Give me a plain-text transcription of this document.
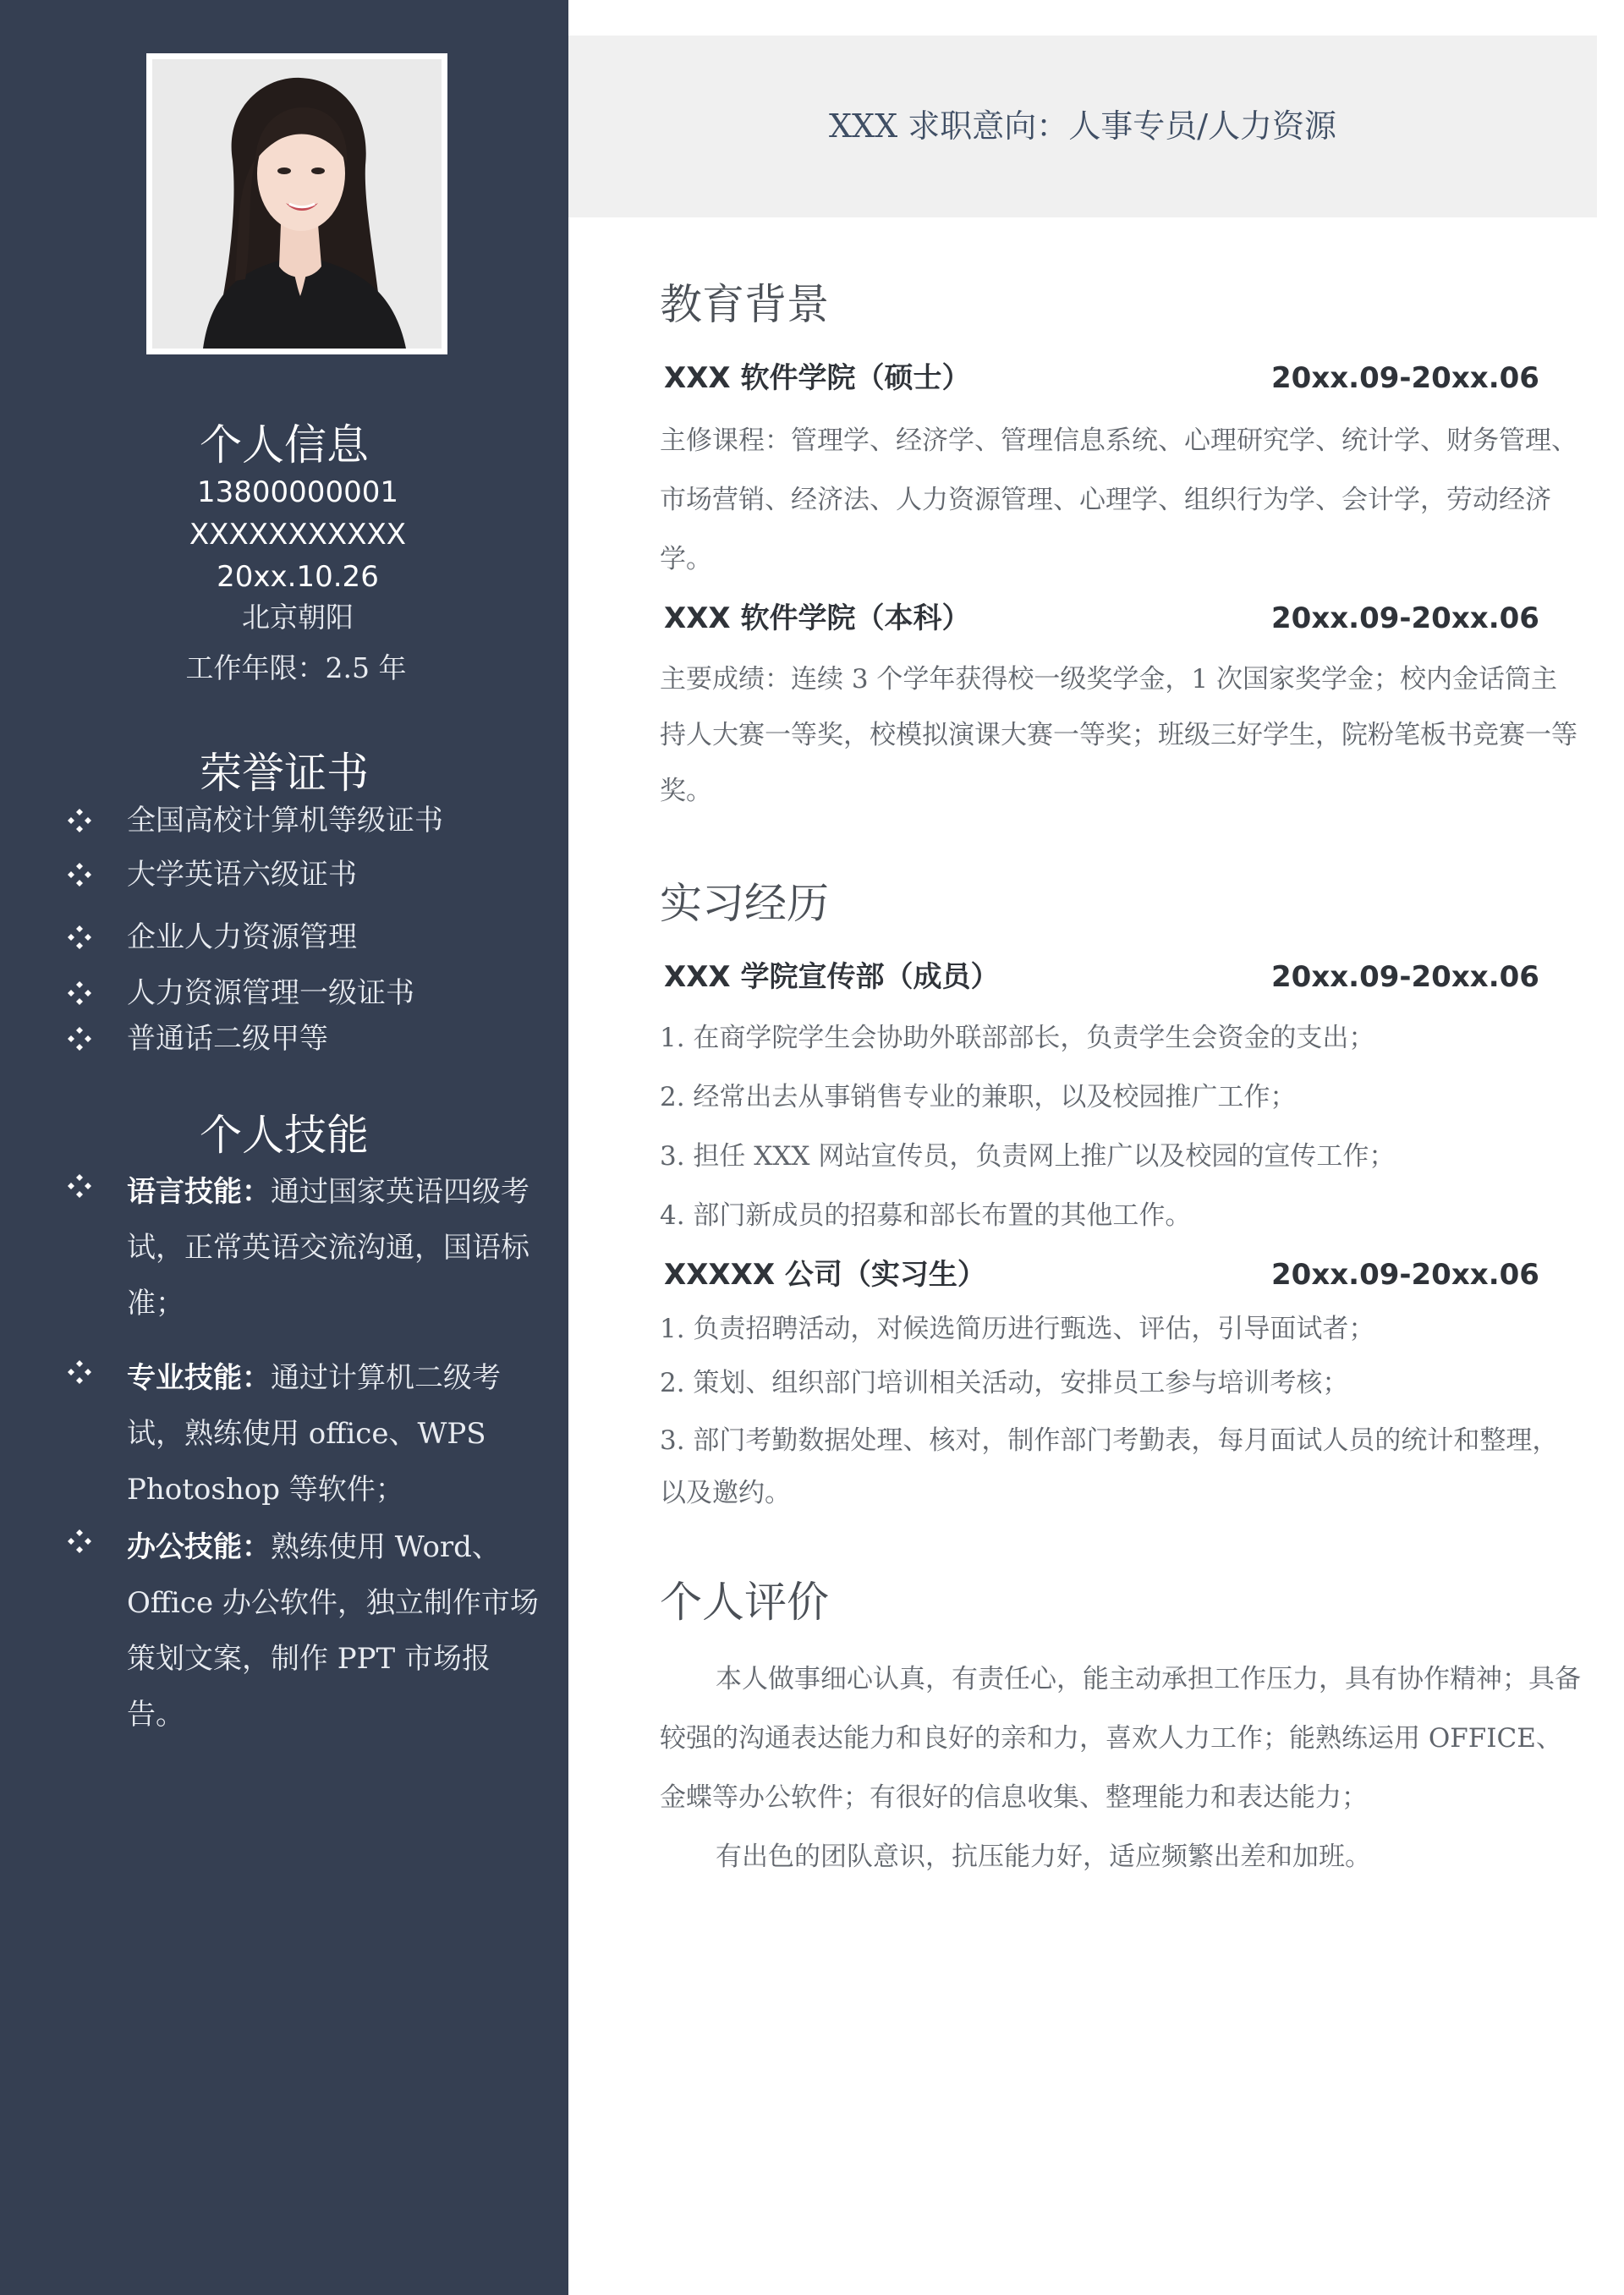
个人信息
13800000001
XXXXXXXXXXX
20xx.10.26
北京朝阳
工作年限：2.5 年
荣誉证书
全国高校计算机等级证书
大学英语六级证书
企业人力资源管理
人力资源管理一级证书
普通话二级甲等
个人技能
语言技能：通过国家英语四级考试，正常英语交流沟通，国语标准；
专业技能：通过计算机二级考试，熟练使用 office、WPS Photoshop 等软件；
办公技能：熟练使用 Word、Office 办公软件，独立制作市场策划文案，制作 PPT 市场报告。
XXX 求职意向：人事专员/人力资源
教育背景
XXX 软件学院（硕士）	20xx.09-20xx.06

主修课程：管理学、经济学、管理信息系统、心理研究学、统计学、财务管理、市场营销、经济法、人力资源管理、心理学、组织行为学、会计学，劳动经济学。

XXX 软件学院（本科）	20xx.09-20xx.06

主要成绩：连续 3 个学年获得校一级奖学金，1 次国家奖学金；校内金话筒主持人大赛一等奖，校模拟演课大赛一等奖；班级三好学生，院粉笔板书竞赛一等奖。

实习经历
XXX 学院宣传部（成员）	20xx.09-20xx.06
1. 在商学院学生会协助外联部部长，负责学生会资金的支出；
2. 经常出去从事销售专业的兼职，以及校园推广工作；
3. 担任 XXX 网站宣传员，负责网上推广以及校园的宣传工作；
4. 部门新成员的招募和部长布置的其他工作。
XXXXX 公司（实习生）	20xx.09-20xx.06
1. 负责招聘活动，对候选简历进行甄选、评估，引导面试者；
2. 策划、组织部门培训相关活动，安排员工参与培训考核；
3. 部门考勤数据处理、核对，制作部门考勤表，每月面试人员的统计和整理，以及邀约。
个人评价

本人做事细心认真，有责任心，能主动承担工作压力，具有协作精神；具备较强的沟通表达能力和良好的亲和力，喜欢人力工作；能熟练运用 OFFICE、金蝶等办公软件；有很好的信息收集、整理能力和表达能力；

有出色的团队意识，抗压能力好，适应频繁出差和加班。
